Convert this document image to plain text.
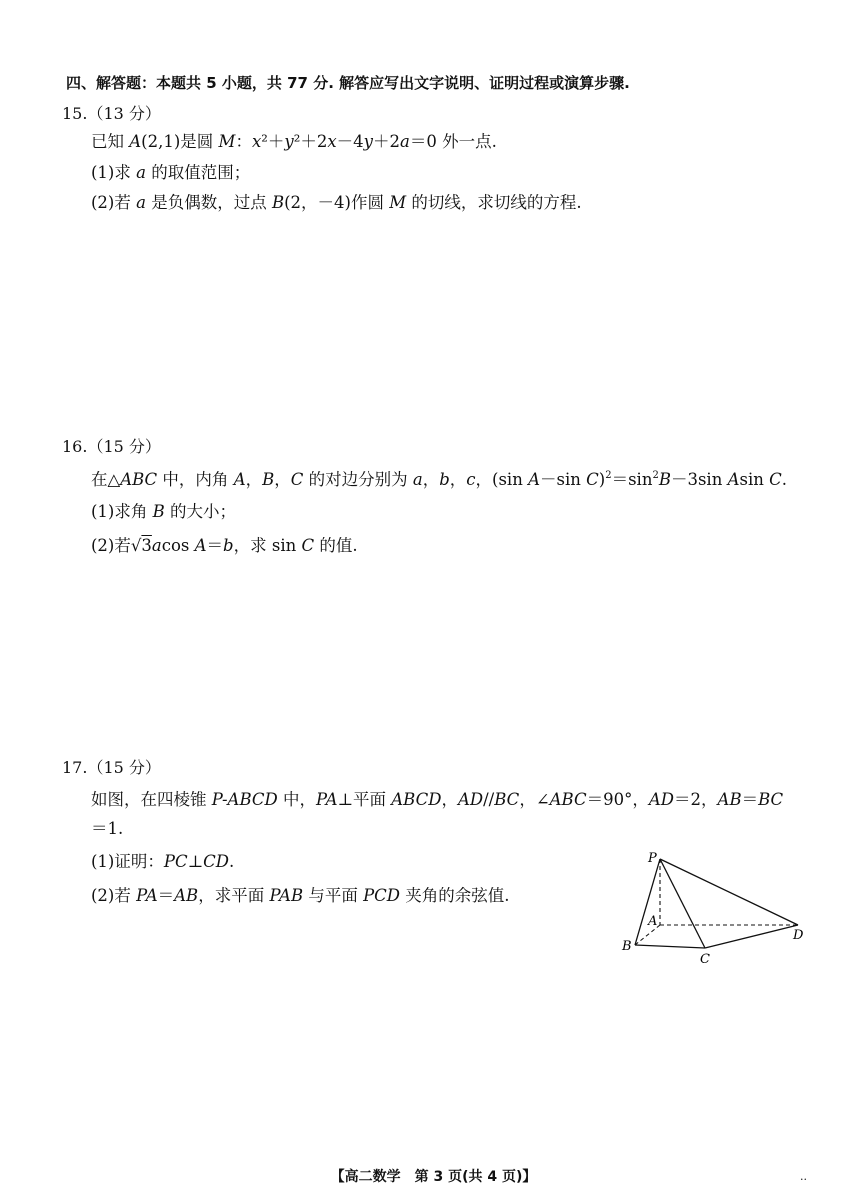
四、解答题：本题共 5 小题，共 77 分. 解答应写出文字说明、证明过程或演算步骤.
15.（13 分）
已知 A(2,1)是圆 M：x²＋y²＋2x－4y＋2a＝0 外一点.
(1)求 a 的取值范围；
(2)若 a 是负偶数，过点 B(2，－4)作圆 M 的切线，求切线的方程.
16.（15 分）
在△ABC 中，内角 A，B，C 的对边分别为 a，b，c，(sin A－sin $C)^2=\sin^2B-3\sin$ Asin C.
(1)求角 B 的大小；
(2)若√3acos A＝b，求 sin C 的值.
17.（15 分）
如图，在四棱锥 P-ABCD 中，PA⊥平面 ABCD，AD//BC，∠ABC＝90°，AD＝2，AB＝BC
＝1.
(1)证明：PC⊥CD.
(2)若 PA＝AB，求平面 PAB 与平面 PCD 夹角的余弦值.
P
A
B
C
D
【高二数学　第 3 页(共 4 页)】	..
